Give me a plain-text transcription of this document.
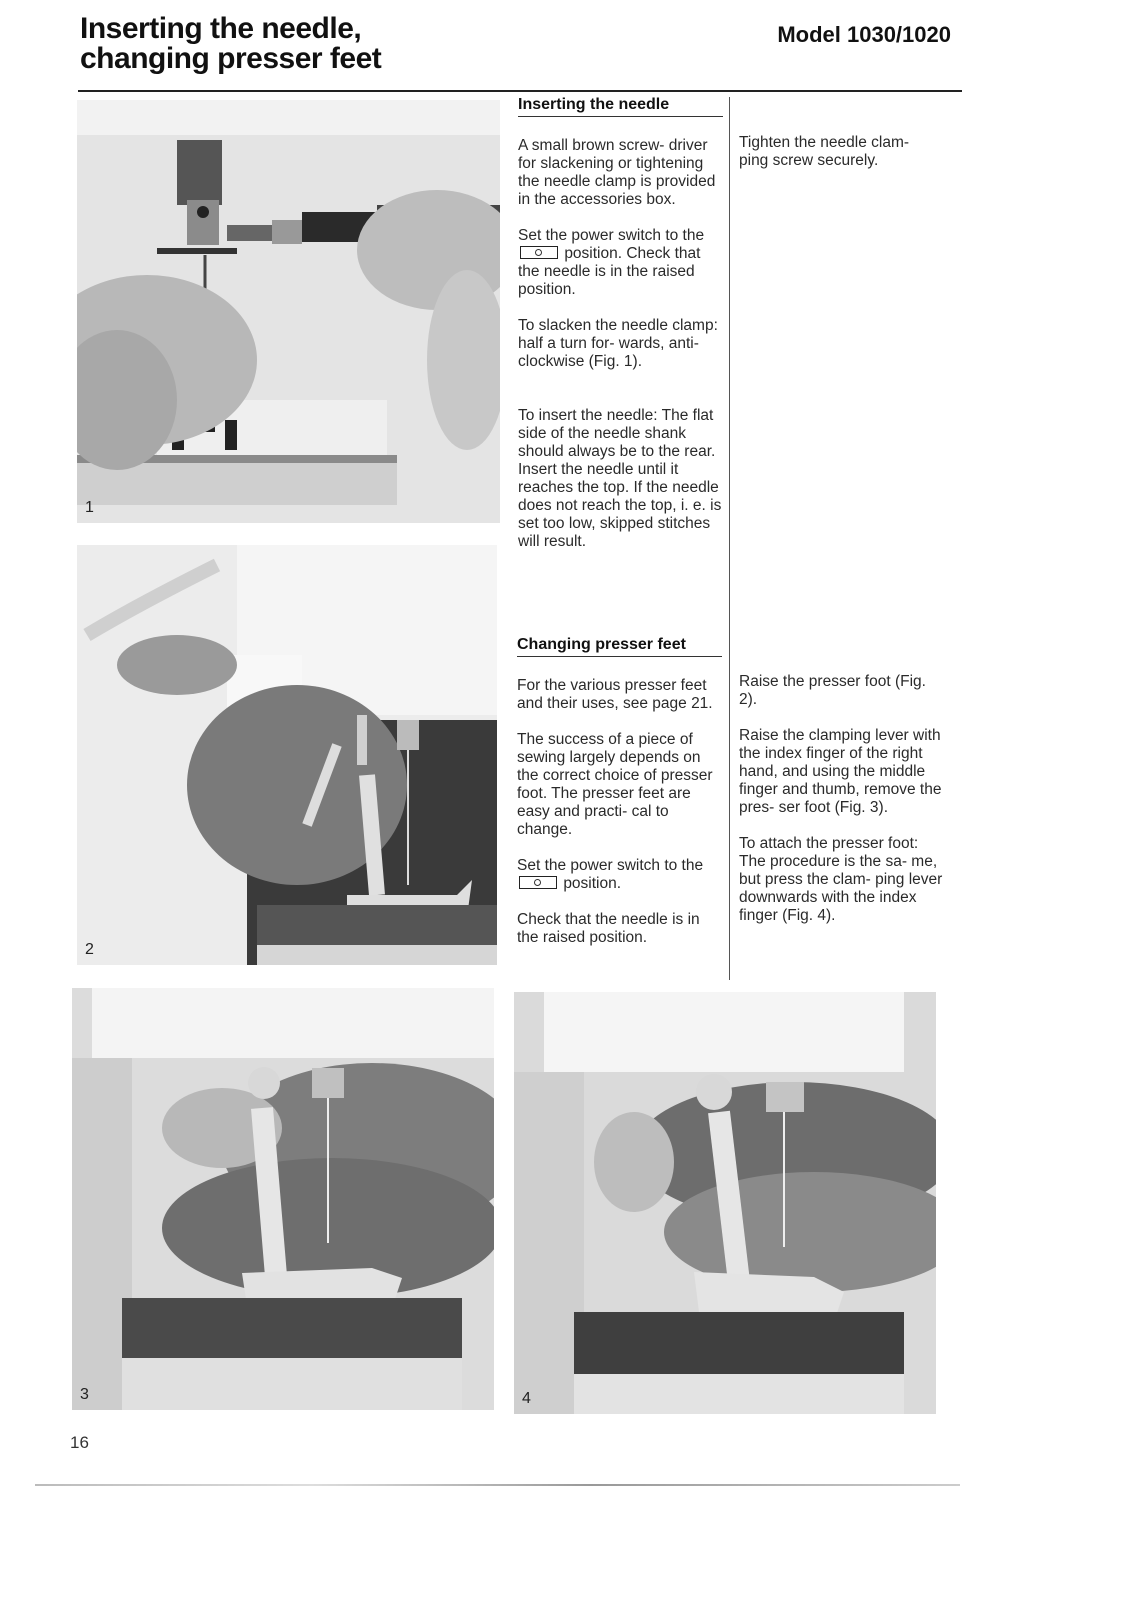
Inserting the needle,
changing presser feet
Model 1030/1020
1
2
3	4
Inserting the needle

A small brown screw- driver for slackening or tightening the needle clamp is provided in the accessories box.

Set the power switch to the  position. Check that the needle is in the raised position.

To slacken the needle clamp: half a turn for- wards, anti-clockwise (Fig. 1).

To insert the needle: The flat side of the needle shank should always be to the rear. Insert the needle until it reaches the top. If the needle does not reach the top, i. e. is set too low, skipped stitches will result.

Tighten the needle clam- ping screw securely.

Changing presser feet

For the various presser feet and their uses, see page 21.

The success of a piece of sewing largely depends on the correct choice of presser foot. The presser feet are easy and practi- cal to change.

Set the power switch to the  position.

Check that the needle is in the raised position.

Raise the presser foot (Fig. 2).

Raise the clamping lever with the index finger of the right hand, and using the middle finger and thumb, remove the pres- ser foot (Fig. 3).

To attach the presser foot:

The procedure is the sa- me, but press the clam- ping lever downwards with the index finger (Fig. 4).

16
